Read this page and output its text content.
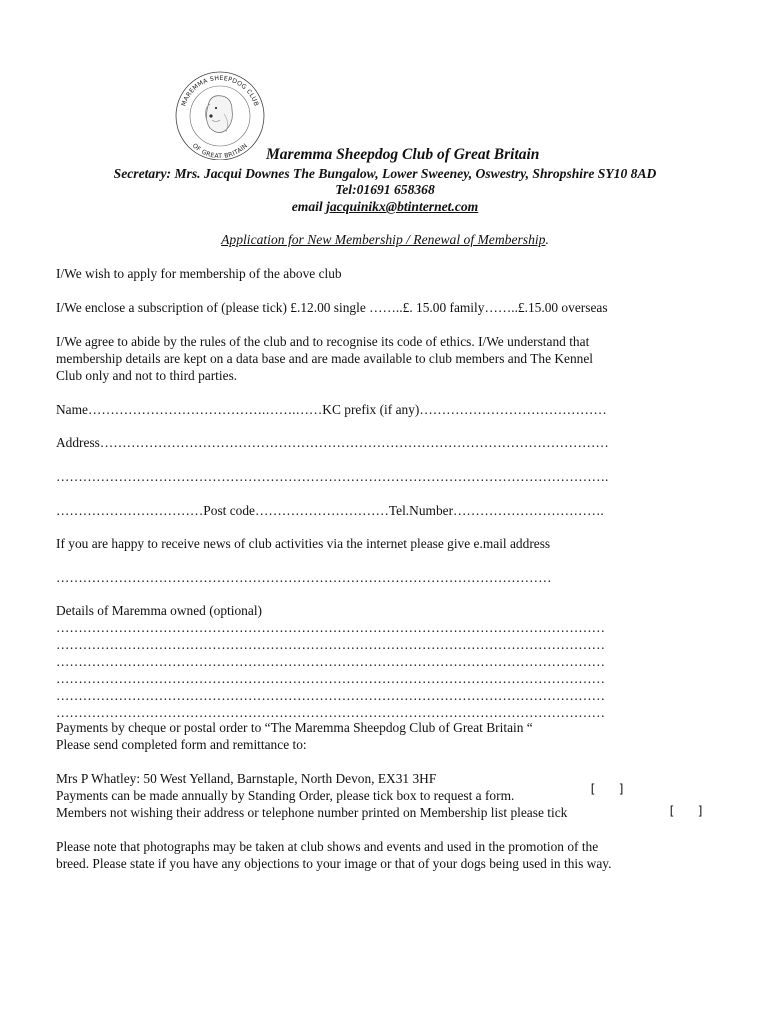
MAREMMA SHEEPDOG CLUB
OF GREAT BRITAIN Maremma Sheepdog Club of Great Britain
Secretary: Mrs. Jacqui Downes The Bungalow, Lower Sweeney, Oswestry, Shropshire SY10 8AD
Tel:01691 658368
email jacquinikx@btinternet.com
Application for New Membership / Renewal of Membership.
I/We wish to apply for membership of the above club
I/We enclose a subscription of (please tick) £.12.00 single ……..£. 15.00 family……..£.15.00 overseas
I/We agree to abide by the rules of the club and to recognise its code of ethics. I/We understand that
membership details are kept on a data base and are made available to club members and The Kennel
Club only and not to third parties.
Name………………………………….…….……KC prefix (if any)……………………………………
Address……………………………………………………………………………………………………
…………………………………………………………………………………………………………….
……………………………Post code…………………………Tel.Number…………………………….
If you are happy to receive news of club activities via the internet please give e.mail address
…………………………………………………………………………………………………
Details of Maremma owned (optional)
……………………………………………………………………………………………………………
……………………………………………………………………………………………………………
……………………………………………………………………………………………………………
……………………………………………………………………………………………………………
……………………………………………………………………………………………………………
……………………………………………………………………………………………………………
Payments by cheque or postal order to “The Maremma Sheepdog Club of Great Britain “
Please send completed form and remittance to:
Mrs P Whatley: 50 West Yelland, Barnstaple, North Devon, EX31 3HF
Payments can be made annually by Standing Order, please tick box to request a form.	[ ]
Members not wishing their address or telephone number printed on Membership list please tick	[ ]
Please note that photographs may be taken at club shows and events and used in the promotion of the
breed. Please state if you have any objections to your image or that of your dogs being used in this way.
